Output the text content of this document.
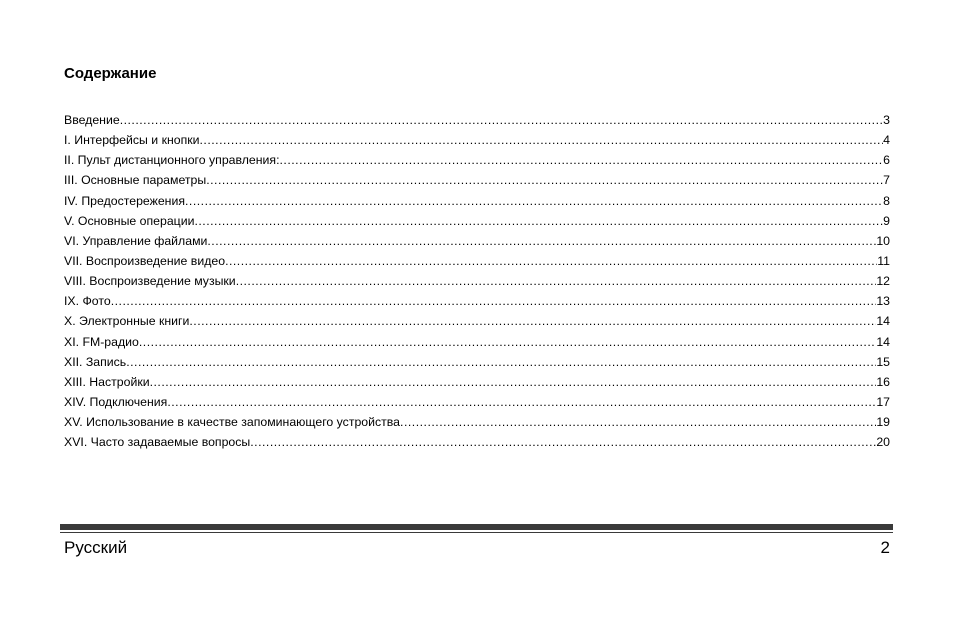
Содержание
Введение .....	3
I. Интерфейсы и кнопки .....	4
II. Пульт дистанционного управления: .....	6
III. Основные параметры .....	7
IV. Предостережения .....	8
V. Основные операции .....	9
VI. Управление файлами .....	10
VII. Воспроизведение видео .....	11
VIII. Воспроизведение музыки .....	12
IX. Фото .....	13
X. Электронные книги .....	14
XI. FM-радио .....	14
XII. Запись .....	15
XIII. Настройки .....	16
XIV. Подключения .....	17
XV. Использование в качестве запоминающего устройства .....	19
XVI. Часто задаваемые вопросы .....	20
Русский	2
